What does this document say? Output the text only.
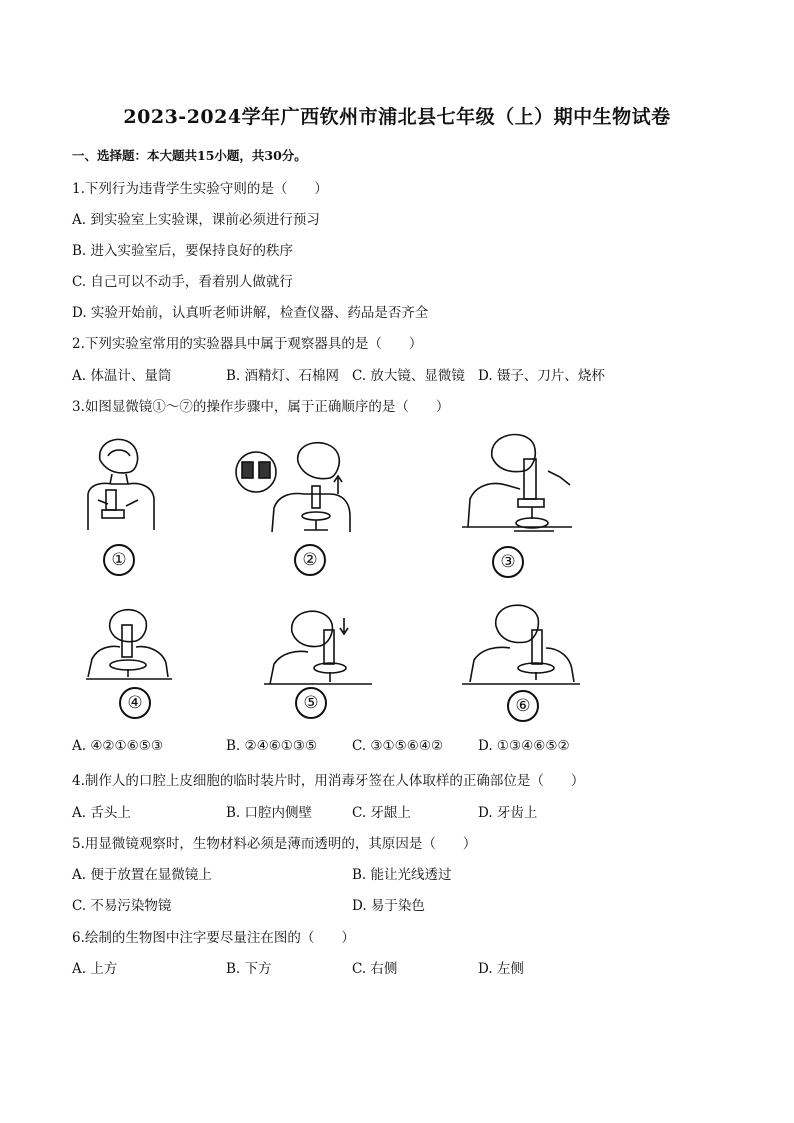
2023-2024学年广西钦州市浦北县七年级（上）期中生物试卷
一、选择题：本大题共15小题，共30分。
1.下列行为违背学生实验守则的是（　　）
A. 到实验室上实验课，课前必须进行预习
B. 进入实验室后，要保持良好的秩序
C. 自己可以不动手，看着别人做就行
D. 实验开始前，认真听老师讲解，检查仪器、药品是否齐全
2.下列实验室常用的实验器具中属于观察器具的是（　　）
A. 体温计、量筒	B. 酒精灯、石棉网 C. 放大镜、显微镜 D. 镊子、刀片、烧杯
3.如图显微镜①～⑦的操作步骤中，属于正确顺序的是（　　）
①	②	③
④	⑤	⑥
A. ④②①⑥⑤③	B. ②④⑥①③⑤	C. ③①⑤⑥④②	D. ①③④⑥⑤②
4.制作人的口腔上皮细胞的临时装片时，用消毒牙签在人体取样的正确部位是（　　）
A. 舌头上	B. 口腔内侧壁	C. 牙龈上	D. 牙齿上
5.用显微镜观察时，生物材料必须是薄而透明的，其原因是（　　）
A. 便于放置在显微镜上	B. 能让光线透过
C. 不易污染物镜	D. 易于染色
6.绘制的生物图中注字要尽量注在图的（　　）
A. 上方	B. 下方	C. 右侧	D. 左侧
